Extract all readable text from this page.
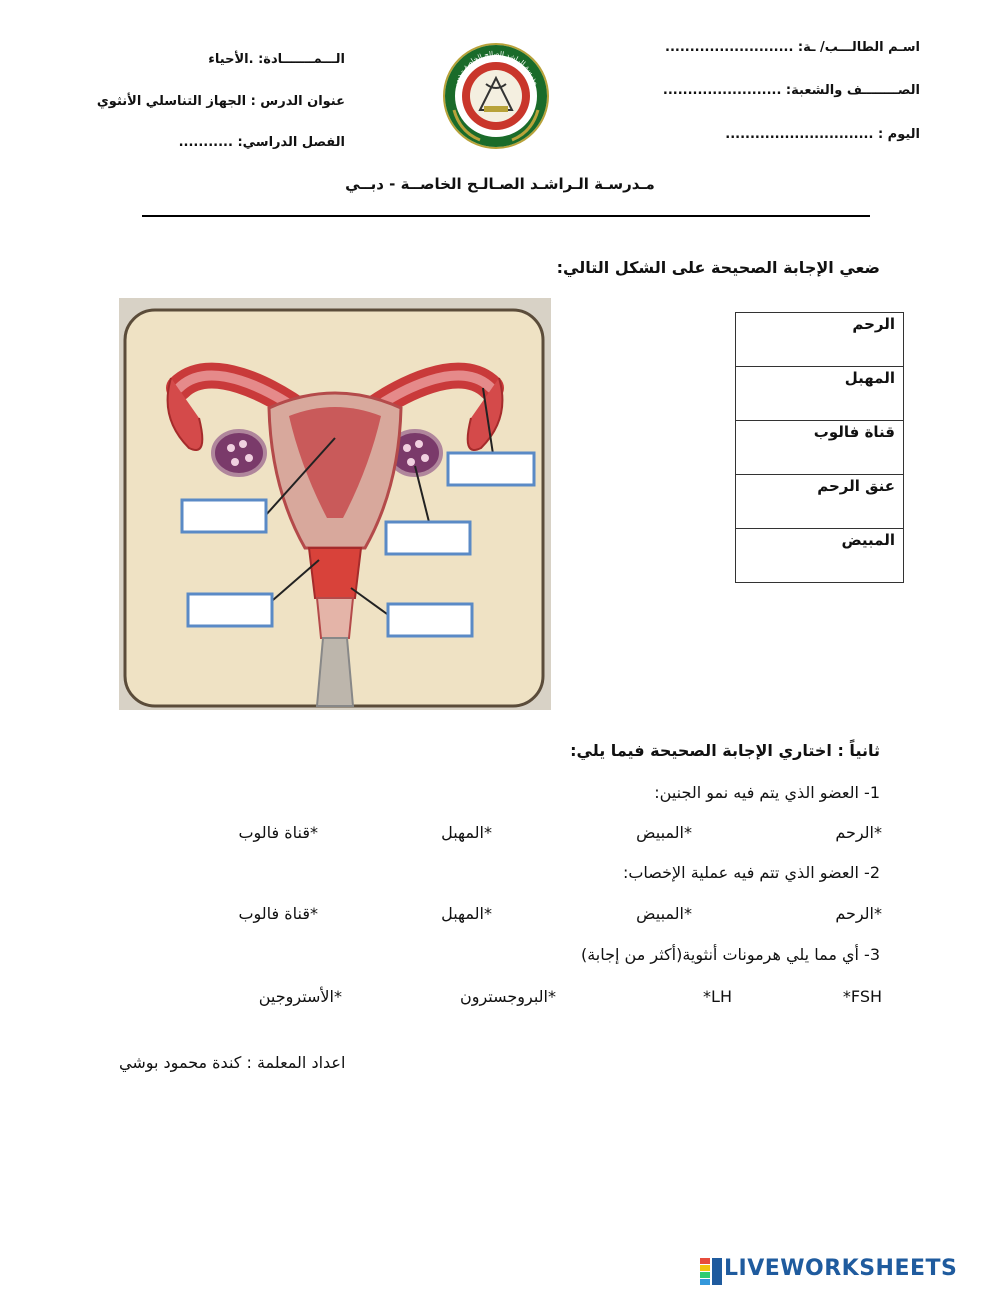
اسـم الطالـــب/ ـة: ..........................
الصــــــــف والشعبة: ........................
اليوم : ..............................
الـــمـــــــادة: .الأحياء
عنوان الدرس : الجهاز التناسلي الأنثوي
الفصل الدراسي: ...........
مدرسة الراشد الصالح الخاصة - دبي
مـدرسـة الـراشـد الصـالـح الخاصــة - دبــي
ضعي الإجابة الصحيحة على الشكل التالي:
الرحم
المهبل
قناة فالوب
عنق الرحم
المبيض
ثانياً : اختاري الإجابة الصحيحة فيما يلي:
1- العضو الذي يتم فيه نمو الجنين:
*الرحم
*المبيض
*المهبل
*قناة فالوب
2- العضو الذي تتم فيه عملية الإخصاب:
*الرحم
*المبيض
*المهبل
*قناة فالوب
3- أي مما يلي هرمونات أنثوية(أكثر من إجابة)
FSH*
LH*
*البروجسترون
*الأستروجين
اعداد المعلمة : كندة محمود بوشي
LIVEWORKSHEETS
